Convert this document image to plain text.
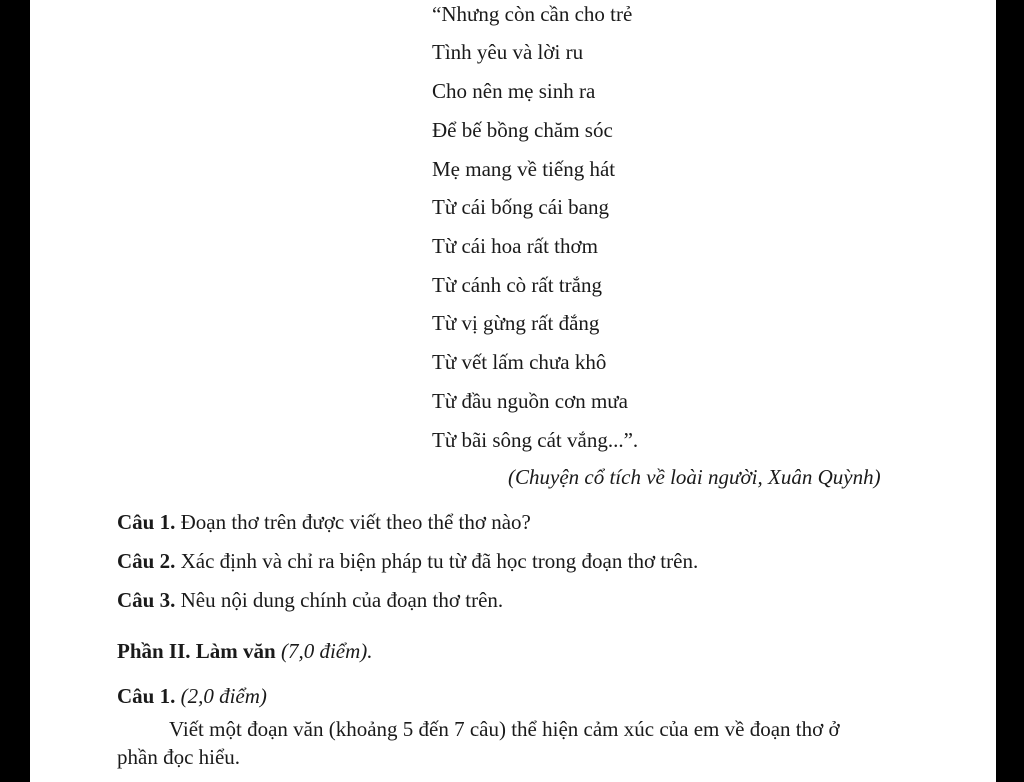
“Nhưng còn cần cho trẻ
Tình yêu và lời ru
Cho nên mẹ sinh ra
Để bế bồng chăm sóc
Mẹ mang về tiếng hát
Từ cái bống cái bang
Từ cái hoa rất thơm
Từ cánh cò rất trắng
Từ vị gừng rất đắng
Từ vết lấm chưa khô
Từ đầu nguồn cơn mưa
Từ bãi sông cát vắng...”.
(Chuyện cổ tích về loài người, Xuân Quỳnh)
Câu 1. Đoạn thơ trên được viết theo thể thơ nào?
Câu 2. Xác định và chỉ ra biện pháp tu từ đã học trong đoạn thơ trên.
Câu 3. Nêu nội dung chính của đoạn thơ trên.
Phần II. Làm văn (7,0 điểm).
Câu 1. (2,0 điểm)
Viết một đoạn văn (khoảng 5 đến 7 câu) thể hiện cảm xúc của em về đoạn thơ ở
phần đọc hiểu.
